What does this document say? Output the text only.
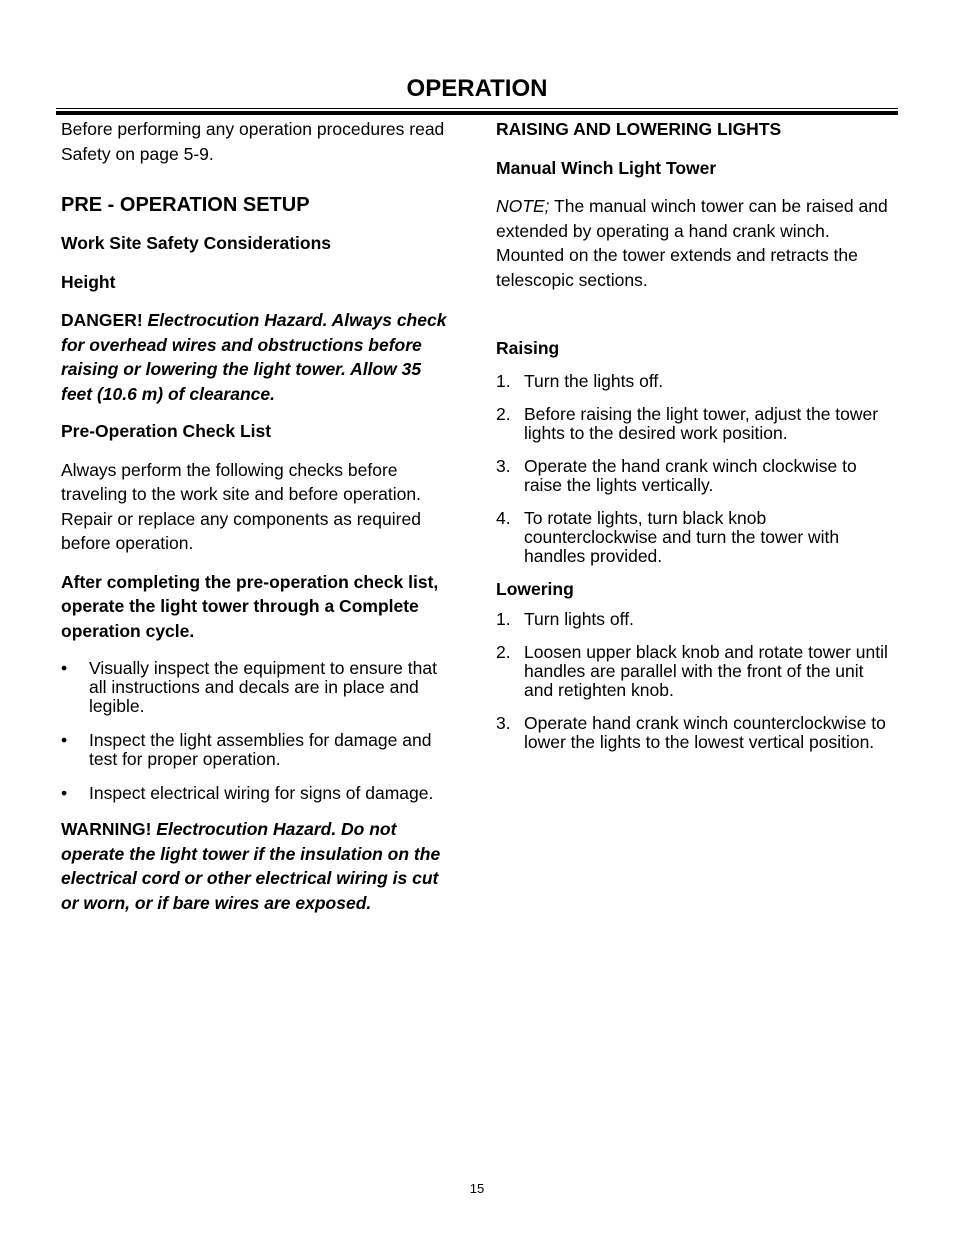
OPERATION

Before performing any operation procedures read Safety on page 5-9.

PRE - OPERATION SETUP

Work Site Safety Considerations

Height

DANGER! Electrocution Hazard. Always check for overhead wires and obstructions before raising or lowering the light tower. Allow 35 feet (10.6 m) of clearance.

Pre-Operation Check List

Always perform the following checks before traveling to the work site and before operation. Repair or replace any components as required before operation.

After completing the pre-operation check list, operate the light tower through a Complete operation cycle.

• Visually inspect the equipment to ensure that all instructions and decals are in place and legible.
• Inspect the light assemblies for damage and test for proper operation.
• Inspect electrical wiring for signs of damage.

WARNING! Electrocution Hazard. Do not operate the light tower if the insulation on the electrical cord or other electrical wiring is cut or worn, or if bare wires are exposed.

RAISING AND LOWERING LIGHTS

Manual Winch Light Tower

NOTE; The manual winch tower can be raised and extended by operating a hand crank winch. Mounted on the tower extends and retracts the telescopic sections.

Raising

1. Turn the lights off.
2. Before raising the light tower, adjust the tower lights to the desired work position.
3. Operate the hand crank winch clockwise to raise the lights vertically.
4. To rotate lights, turn black knob counterclockwise and turn the tower with handles provided.

Lowering

1. Turn lights off.
2. Loosen upper black knob and rotate tower until handles are parallel with the front of the unit and retighten knob.
3. Operate hand crank winch counterclockwise to lower the lights to the lowest vertical position.
15
